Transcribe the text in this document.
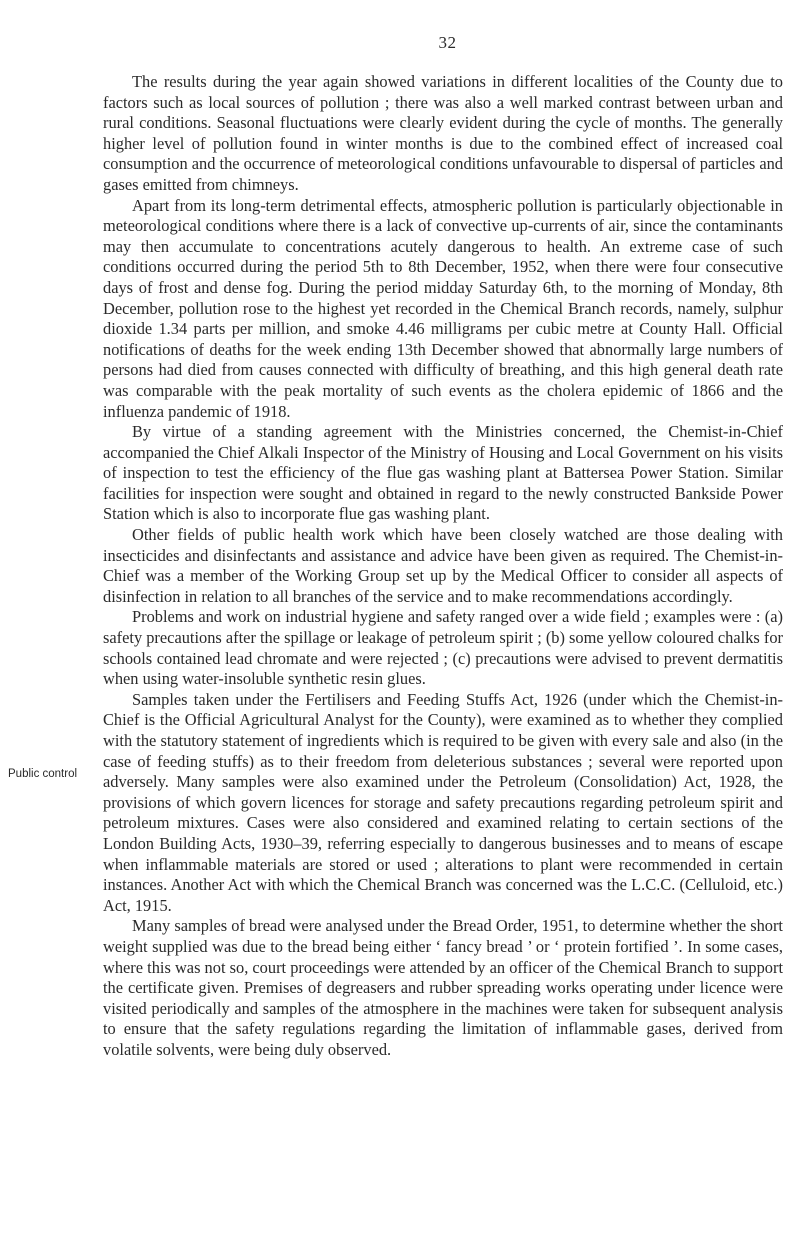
32
Public control

The results during the year again showed variations in different localities of the County due to factors such as local sources of pollution ; there was also a well marked contrast between urban and rural conditions. Seasonal fluctuations were clearly evident during the cycle of months. The generally higher level of pollution found in winter months is due to the combined effect of increased coal consumption and the occurrence of meteorological conditions unfavourable to dispersal of particles and gases emitted from chimneys.

Apart from its long-term detrimental effects, atmospheric pollution is particularly objectionable in meteorological conditions where there is a lack of convective up-currents of air, since the contaminants may then accumulate to concentrations acutely dangerous to health. An extreme case of such conditions occurred during the period 5th to 8th December, 1952, when there were four consecutive days of frost and dense fog. During the period midday Saturday 6th, to the morning of Monday, 8th December, pollution rose to the highest yet recorded in the Chemical Branch records, namely, sulphur dioxide 1.34 parts per million, and smoke 4.46 milligrams per cubic metre at County Hall. Official notifications of deaths for the week ending 13th December showed that abnormally large numbers of persons had died from causes connected with difficulty of breathing, and this high general death rate was comparable with the peak mortality of such events as the cholera epidemic of 1866 and the influenza pandemic of 1918.

By virtue of a standing agreement with the Ministries concerned, the Chemist-in-Chief accompanied the Chief Alkali Inspector of the Ministry of Housing and Local Government on his visits of inspection to test the efficiency of the flue gas washing plant at Battersea Power Station. Similar facilities for inspection were sought and obtained in regard to the newly constructed Bankside Power Station which is also to incorporate flue gas washing plant.

Other fields of public health work which have been closely watched are those dealing with insecticides and disinfectants and assistance and advice have been given as required. The Chemist-in-Chief was a member of the Working Group set up by the Medical Officer to consider all aspects of disinfection in relation to all branches of the service and to make recommendations accordingly.

Problems and work on industrial hygiene and safety ranged over a wide field ; examples were : (a) safety precautions after the spillage or leakage of petroleum spirit ; (b) some yellow coloured chalks for schools contained lead chromate and were rejected ; (c) precautions were advised to prevent dermatitis when using water-insoluble synthetic resin glues.

Samples taken under the Fertilisers and Feeding Stuffs Act, 1926 (under which the Chemist-in-Chief is the Official Agricultural Analyst for the County), were examined as to whether they complied with the statutory statement of ingredients which is required to be given with every sale and also (in the case of feeding stuffs) as to their freedom from deleterious substances ; several were reported upon adversely. Many samples were also examined under the Petroleum (Consolidation) Act, 1928, the provisions of which govern licences for storage and safety precautions regarding petroleum spirit and petroleum mixtures. Cases were also considered and examined relating to certain sections of the London Building Acts, 1930–39, referring especially to dangerous businesses and to means of escape when inflammable materials are stored or used ; alterations to plant were recommended in certain instances. Another Act with which the Chemical Branch was concerned was the L.C.C. (Celluloid, etc.) Act, 1915.

Many samples of bread were analysed under the Bread Order, 1951, to determine whether the short weight supplied was due to the bread being either ‘ fancy bread ’ or ‘ protein fortified ’. In some cases, where this was not so, court proceedings were attended by an officer of the Chemical Branch to support the certificate given. Premises of degreasers and rubber spreading works operating under licence were visited periodically and samples of the atmosphere in the machines were taken for subsequent analysis to ensure that the safety regulations regarding the limitation of inflammable gases, derived from volatile solvents, were being duly observed.
